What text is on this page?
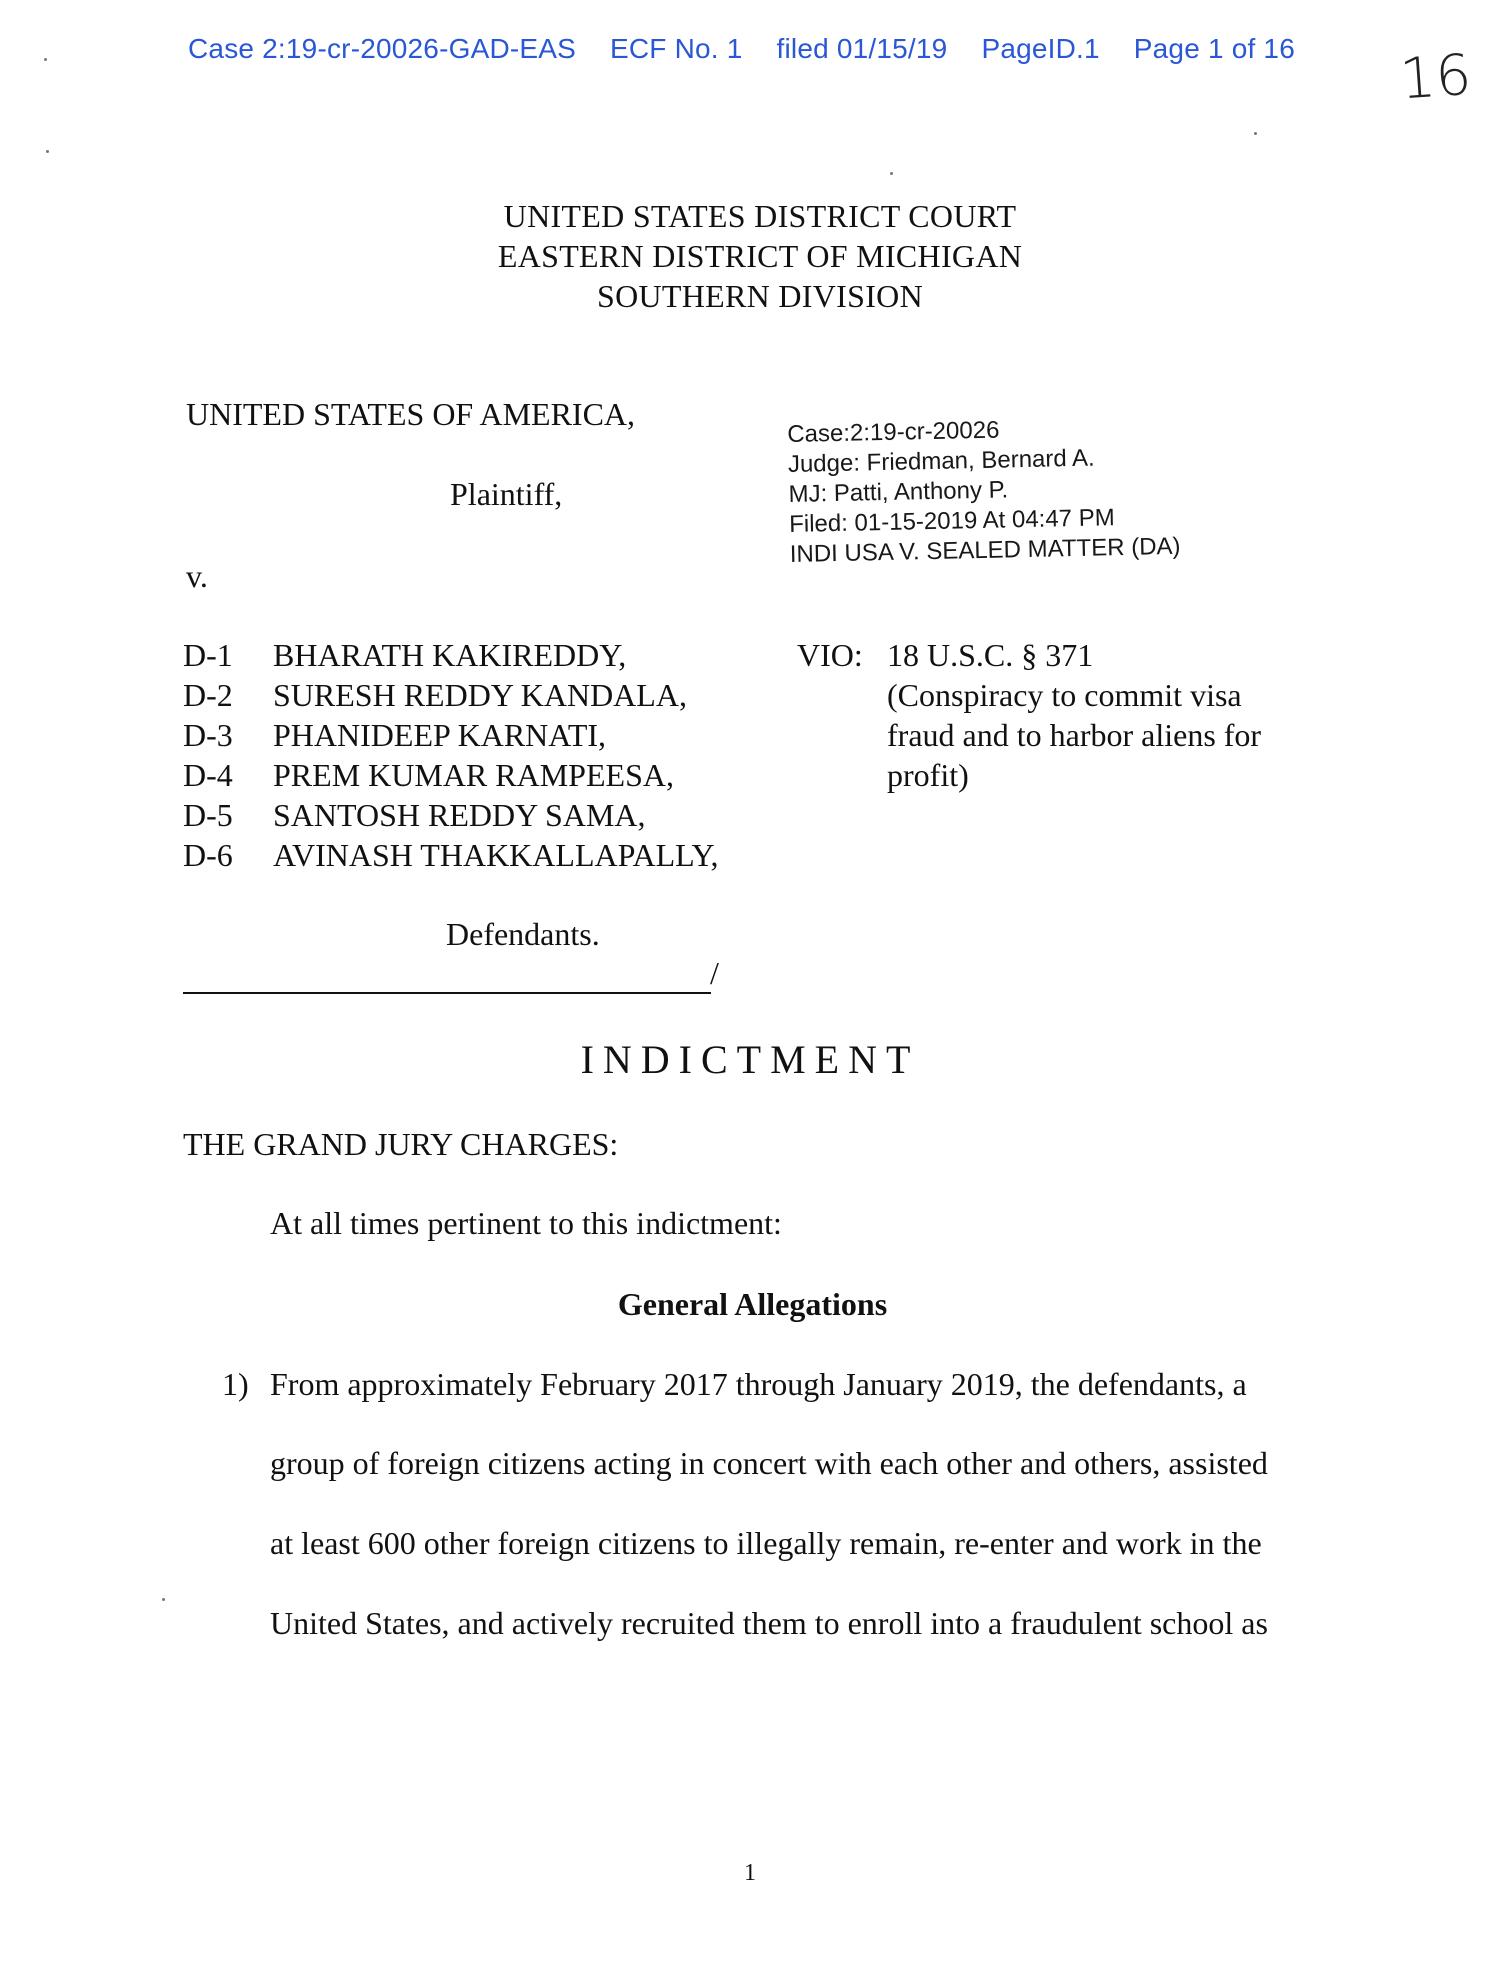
Case 2:19-cr-20026-GAD-EAS ECF No. 1 filed 01/15/19 PageID.1 Page 1 of 16 16
UNITED STATES DISTRICT COURT
EASTERN DISTRICT OF MICHIGAN
SOUTHERN DIVISION
UNITED STATES OF AMERICA,
Plaintiff,
v.
Case:2:19-cr-20026
Judge: Friedman, Bernard A.
MJ: Patti, Anthony P.
Filed: 01-15-2019 At 04:47 PM
INDI USA V. SEALED MATTER (DA)
D-1	BHARATH KAKIREDDY,
D-2	SURESH REDDY KANDALA,
D-3	PHANIDEEP KARNATI,
D-4	PREM KUMAR RAMPEESA,
D-5	SANTOSH REDDY SAMA,
D-6	AVINASH THAKKALLAPALLY,
VIO: 18 U.S.C. § 371
(Conspiracy to commit visa
fraud and to harbor aliens for
profit)
Defendants.
/
INDICTMENT
THE GRAND JURY CHARGES:
At all times pertinent to this indictment:
General Allegations
1) From approximately February 2017 through January 2019, the defendants, a
group of foreign citizens acting in concert with each other and others, assisted
at least 600 other foreign citizens to illegally remain, re-enter and work in the
United States, and actively recruited them to enroll into a fraudulent school as
1
